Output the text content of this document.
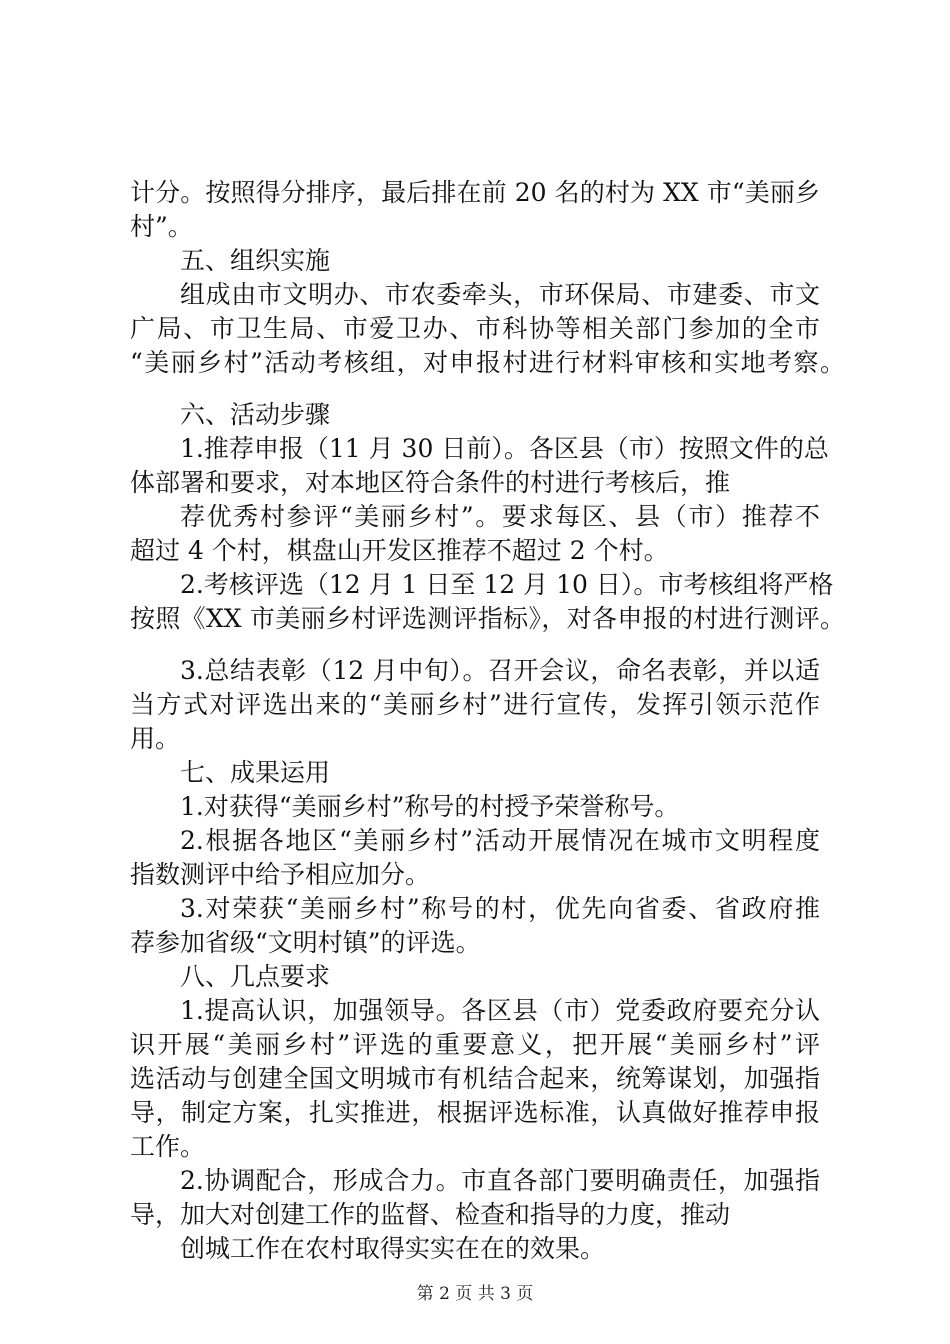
计分。按照得分排序，最后排在前 20 名的村为 XX 市“美丽乡
村”。
五、组织实施
组成由市文明办、市农委牵头，市环保局、市建委、市文
广局、市卫生局、市爱卫办、市科协等相关部门参加的全市
“美丽乡村”活动考核组，对申报村进行材料审核和实地考察。
六、活动步骤
1.推荐申报（11 月 30 日前）。各区县（市）按照文件的总
体部署和要求，对本地区符合条件的村进行考核后，推
荐优秀村参评“美丽乡村”。要求每区、县（市）推荐不
超过 4 个村，棋盘山开发区推荐不超过 2 个村。
2.考核评选（12 月 1 日至 12 月 10 日）。市考核组将严格
按照《XX 市美丽乡村评选测评指标》，对各申报的村进行测评。
3.总结表彰（12 月中旬）。召开会议，命名表彰，并以适
当方式对评选出来的“美丽乡村”进行宣传，发挥引领示范作
用。
七、成果运用
1.对获得“美丽乡村”称号的村授予荣誉称号。
2.根据各地区“美丽乡村”活动开展情况在城市文明程度
指数测评中给予相应加分。
3.对荣获“美丽乡村”称号的村，优先向省委、省政府推
荐参加省级“文明村镇”的评选。
八、几点要求
1.提高认识，加强领导。各区县（市）党委政府要充分认
识开展“美丽乡村”评选的重要意义，把开展“美丽乡村”评
选活动与创建全国文明城市有机结合起来，统筹谋划，加强指
导，制定方案，扎实推进，根据评选标准，认真做好推荐申报
工作。
2.协调配合，形成合力。市直各部门要明确责任，加强指
导，加大对创建工作的监督、检查和指导的力度，推动
创城工作在农村取得实实在在的效果。
第 2 页 共 3 页
